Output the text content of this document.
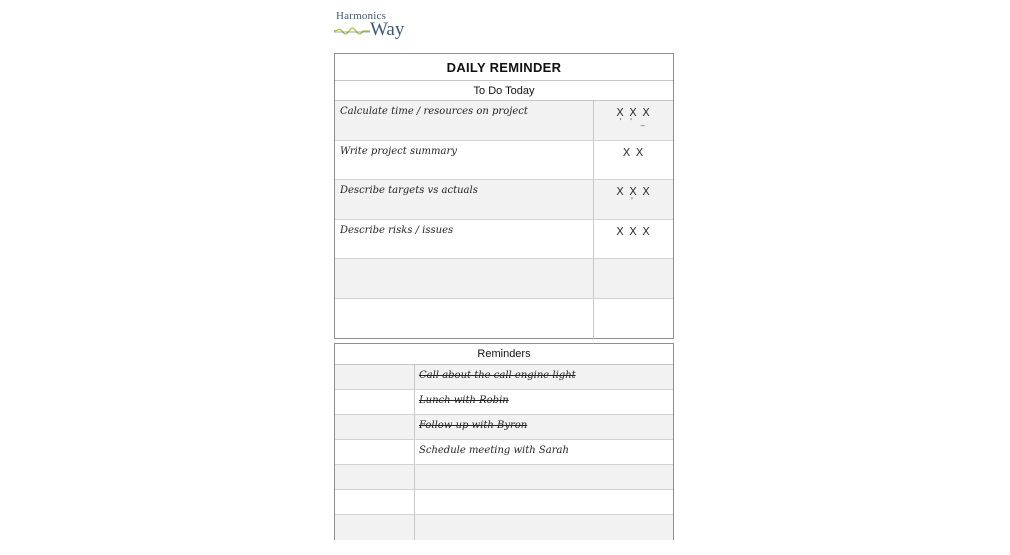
Harmonics
Way
DAILY REMINDER
To Do Today
Calculate time / resources on project	X X X
' ' _
Write project summary	X X
Describe targets vs actuals	X X X
'
Describe risks / issues	X X X
Reminders
Call about the call engine light
Lunch with Robin
Follow up with Byron
Schedule meeting with Sarah
